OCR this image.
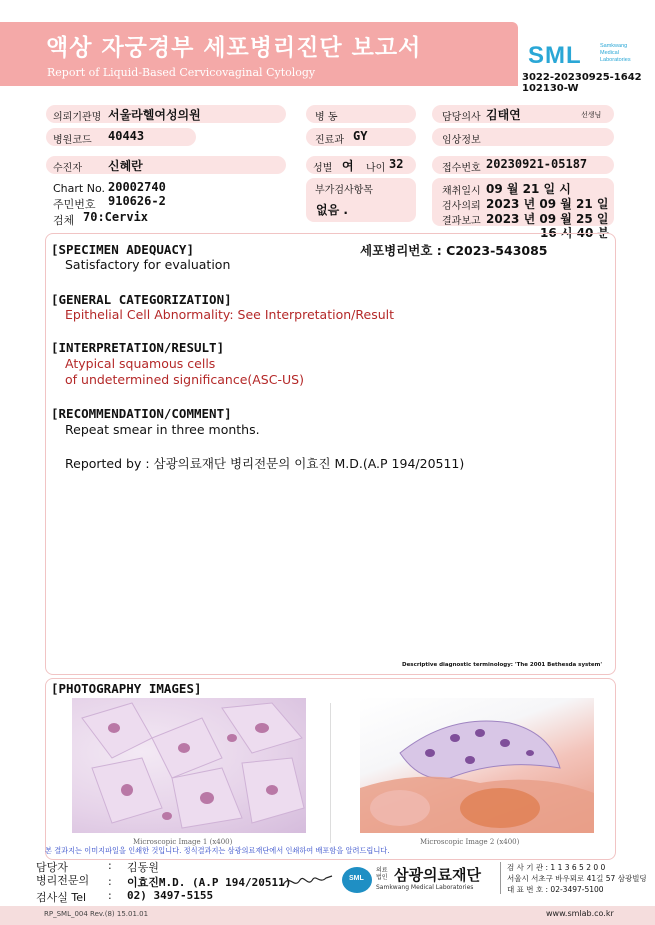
액상 자궁경부 세포병리진단 보고서
Report of Liquid-Based Cervicovaginal Cytology
SML	Samkwang
Medical
Laboratories
3022-20230925-1642
102130-W
의뢰기관명 서울라헬여성의원	병 동	담당의사 김태연	선생님
병원코드 40443	진료과 GY	임상정보
수진자 신혜란	성별 여 나이 32	접수번호 20230921-05187
Chart No. 20002740
주민번호 910626-2
검체 70:Cervix
부가검사항목
없음 .
채취일시 09 월 21 일 시
검사의뢰 2023 년 09 월 21 일
결과보고 2023 년 09 월 25 일
16 시 40 분
세포병리번호 : C2023-543085
[SPECIMEN ADEQUACY]
Satisfactory for evaluation
[GENERAL CATEGORIZATION]
Epithelial Cell Abnormality: See Interpretation/Result
[INTERPRETATION/RESULT]
Atypical squamous cells
of undetermined significance(ASC-US)
[RECOMMENDATION/COMMENT]
Repeat smear in three months.
Reported by : 삼광의료재단 병리전문의 이효진 M.D.(A.P 194/20511)
Descriptive diagnostic terminology: 'The 2001 Bethesda system'
[PHOTOGRAPHY IMAGES]
Microscopic Image 1 (x400)	Microscopic Image 2 (x400)
본 결과지는 이미지파일을 인쇄한 것입니다. 정식결과지는 삼광의료재단에서 인쇄하여 배포함을 알려드립니다.
담당자	: 김동원
병리전문의 : 이효진M.D. (A.P 194/20511)
검사실 Tel : 02) 3497-5155
SML
의료 법인 삼광의료재단
Samkwang Medical Laboratories
검 사 기 관 : 1 1 3 6 5 2 0 0
서울시 서초구 바우뫼로 41길 57 삼광빌딩
대 표 번 호 : 02-3497-5100
RP_SML_004 Rev.(8) 15.01.01	www.smlab.co.kr
